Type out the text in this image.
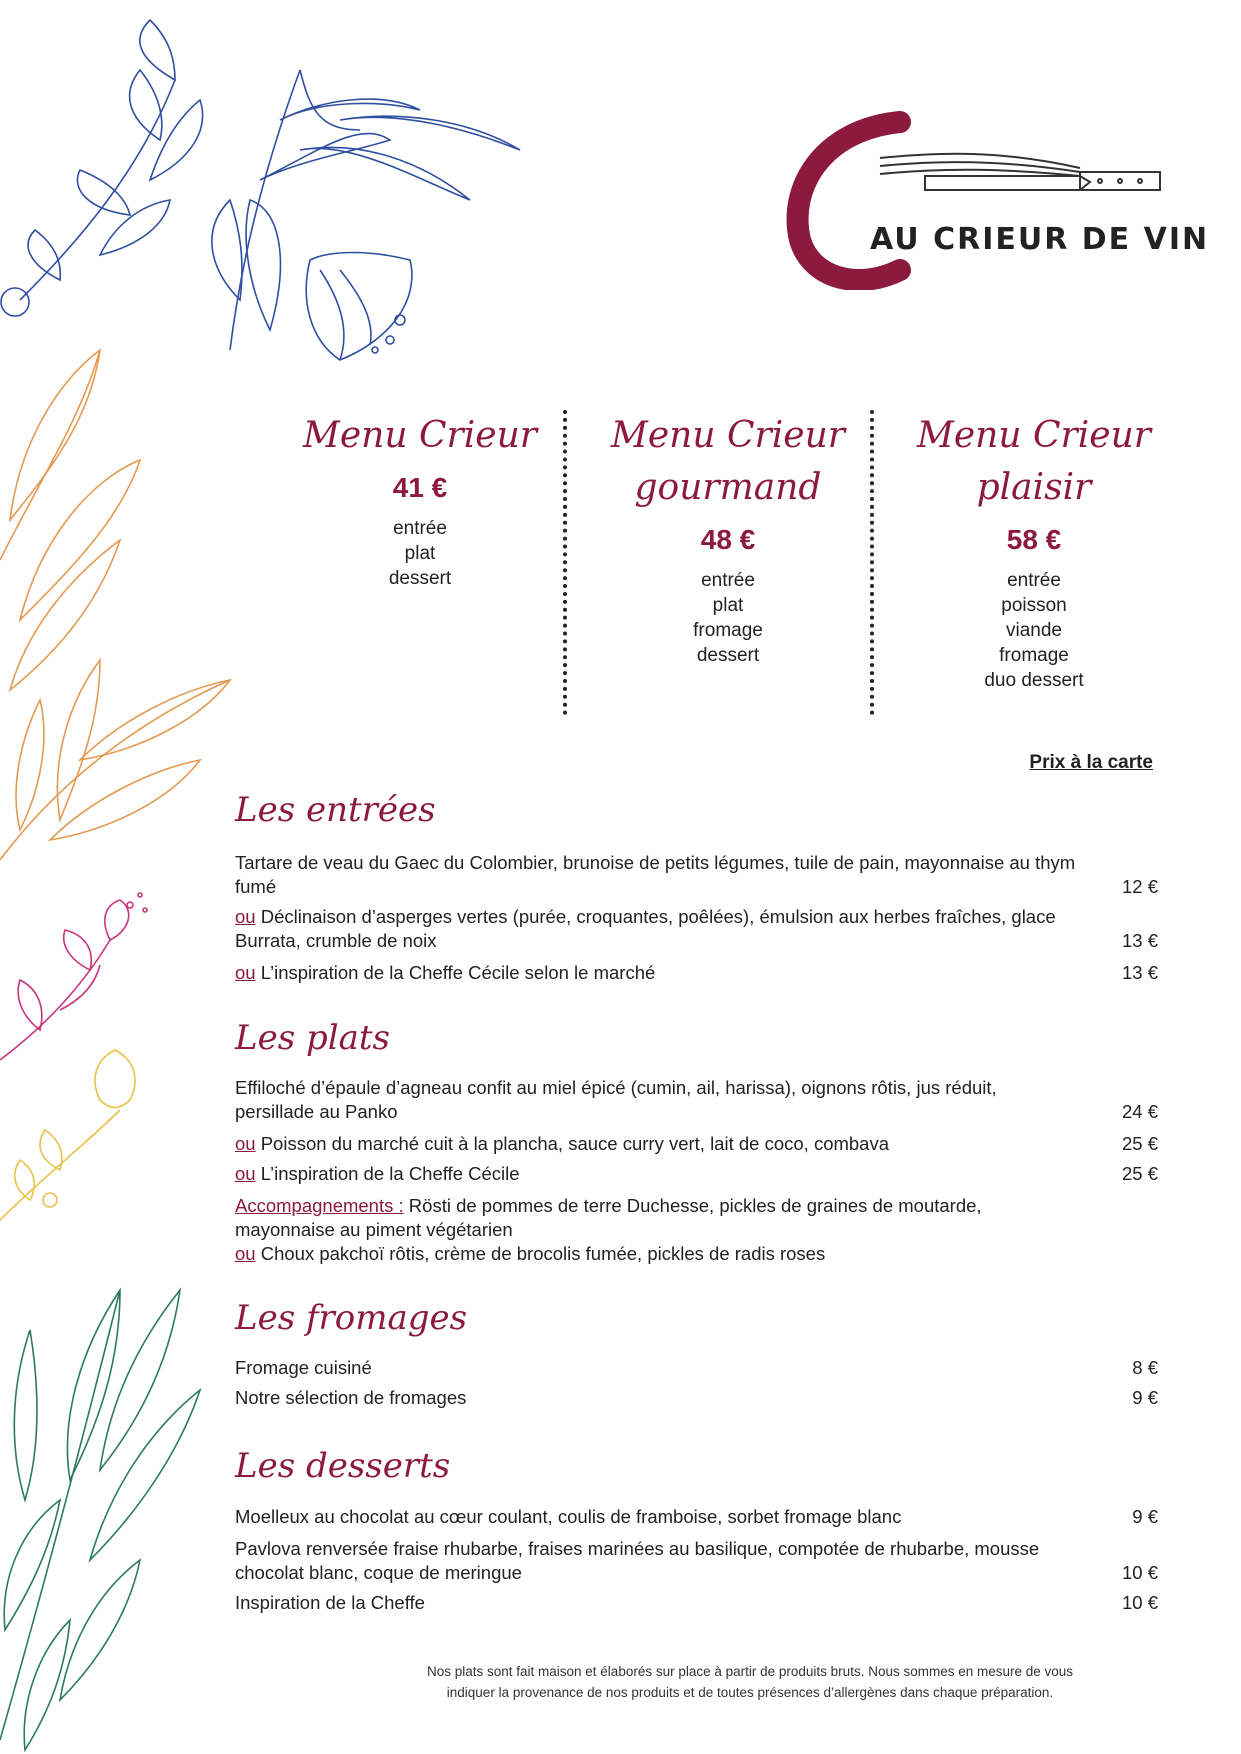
AU CRIEUR DE VIN
Menu Crieur
41 €
entrée
plat
dessert
Menu Crieur
gourmand
48 €
entrée
plat
fromage
dessert
Menu Crieur
plaisir
58 €
entrée
poisson
viande
fromage
duo dessert
Prix à la carte
Les entrées
Tartare de veau du Gaec du Colombier, brunoise de petits légumes, tuile de pain, mayonnaise au thym fumé	12 €
ou Déclinaison d’asperges vertes (purée, croquantes, poêlées), émulsion aux herbes fraîches, glace Burrata, crumble de noix	13 €
ou L’inspiration de la Cheffe Cécile selon le marché	13 €
Les plats
Effiloché d’épaule d’agneau confit au miel épicé (cumin, ail, harissa), oignons rôtis, jus réduit, persillade au Panko	24 €
ou Poisson du marché cuit à la plancha, sauce curry vert, lait de coco, combava	25 €
ou L’inspiration de la Cheffe Cécile	25 €
Accompagnements : Rösti de pommes de terre Duchesse, pickles de graines de moutarde, mayonnaise au piment végétarien
ou Choux pakchoï rôtis, crème de brocolis fumée, pickles de radis roses
Les fromages
Fromage cuisiné	8 €
Notre sélection de fromages	9 €
Les desserts
Moelleux au chocolat au cœur coulant, coulis de framboise, sorbet fromage blanc	9 €
Pavlova renversée fraise rhubarbe, fraises marinées au basilique, compotée de rhubarbe, mousse chocolat blanc, coque de meringue	10 €
Inspiration de la Cheffe	10 €
Nos plats sont fait maison et élaborés sur place à partir de produits bruts. Nous sommes en mesure de vous
indiquer la provenance de nos produits et de toutes présences d’allergènes dans chaque préparation.
